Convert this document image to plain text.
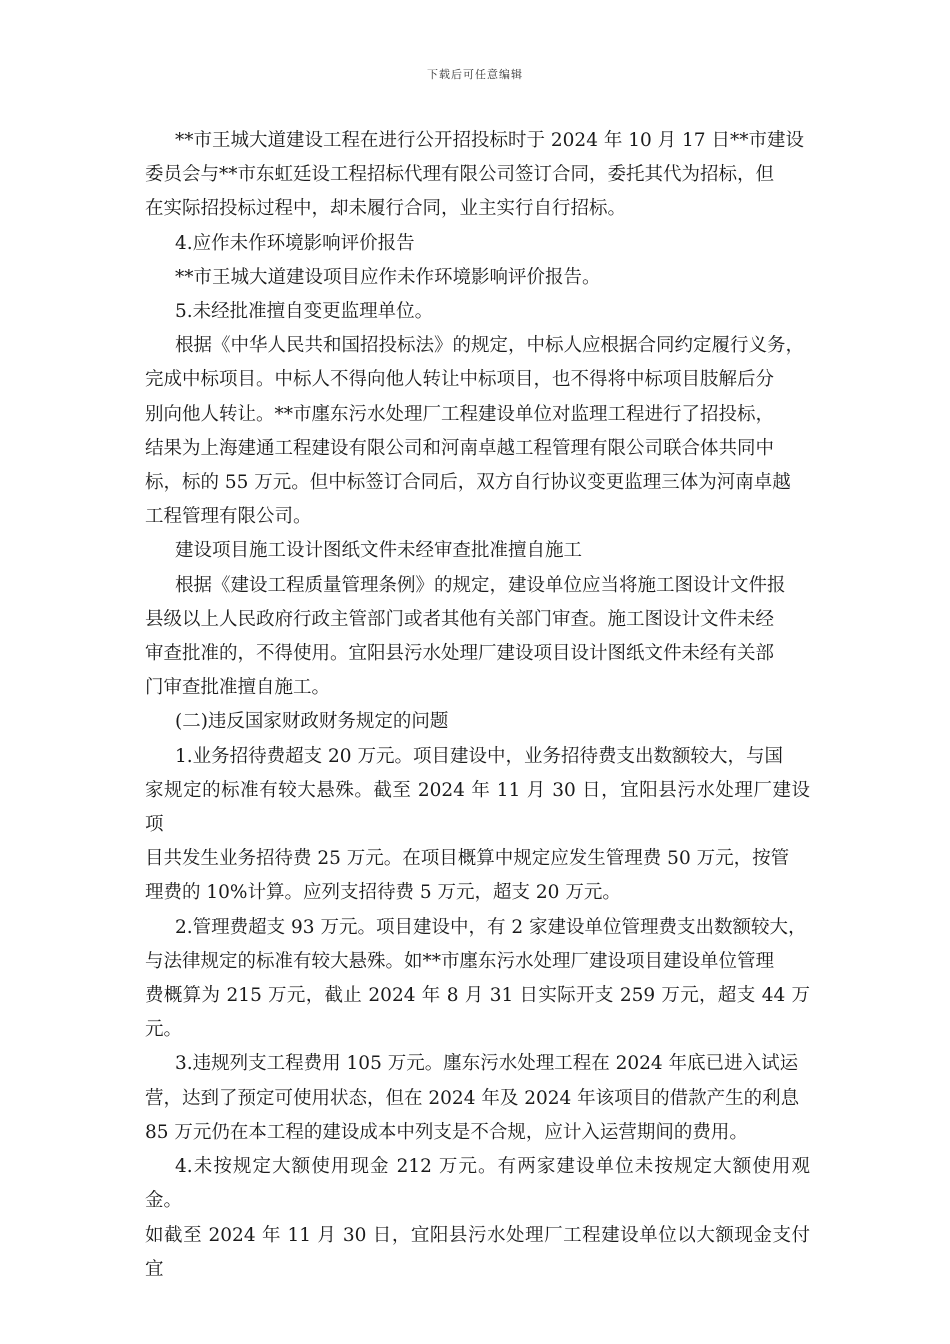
下载后可任意编辑

**市王城大道建设工程在进行公开招投标时于 2024 年 10 月 17 日**市建设

委员会与**市东虹廷设工程招标代理有限公司签订合同，委托其代为招标，但

在实际招投标过程中，却未履行合同，业主实行自行招标。

4.应作未作环境影响评价报告

**市王城大道建设项目应作未作环境影响评价报告。

5.未经批准擅自变更监理单位。

根据《中华人民共和国招投标法》的规定，中标人应根据合同约定履行义务，

完成中标项目。中标人不得向他人转让中标项目，也不得将中标项目肢解后分

别向他人转让。**市廛东污水处理厂工程建设单位对监理工程进行了招投标，

结果为上海建通工程建设有限公司和河南卓越工程管理有限公司联合体共同中

标，标的 55 万元。但中标签订合同后，双方自行协议变更监理三体为河南卓越

工程管理有限公司。

建设项目施工设计图纸文件未经审查批准擅自施工

根据《建设工程质量管理条例》的规定，建设单位应当将施工图设计文件报

县级以上人民政府行政主管部门或者其他有关部门审查。施工图设计文件未经

审查批准的，不得使用。宜阳县污水处理厂建设项目设计图纸文件未经有关部

门审查批准擅自施工。

(二)违反国家财政财务规定的问题

1.业务招待费超支 20 万元。项目建设中，业务招待费支出数额较大，与国

家规定的标准有较大悬殊。截至 2024 年 11 月 30 日，宜阳县污水处理厂建设项

目共发生业务招待费 25 万元。在项目概算中规定应发生管理费 50 万元，按管

理费的 10%计算。应列支招待费 5 万元，超支 20 万元。

2.管理费超支 93 万元。项目建设中，有 2 家建设单位管理费支出数额较大，

与法律规定的标准有较大悬殊。如**市廛东污水处理厂建设项目建设单位管理

费概算为 215 万元，截止 2024 年 8 月 31 日实际开支 259 万元，超支 44 万元。

3.违规列支工程费用 105 万元。廛东污水处理工程在 2024 年底已进入试运

营，达到了预定可使用状态，但在 2024 年及 2024 年该项目的借款产生的利息

85 万元仍在本工程的建设成本中列支是不合规，应计入运营期间的费用。

4.未按规定大额使用现金 212 万元。有两家建设单位未按规定大额使用观金。

如截至 2024 年 11 月 30 日，宜阳县污水处理厂工程建设单位以大额现金支付宜
